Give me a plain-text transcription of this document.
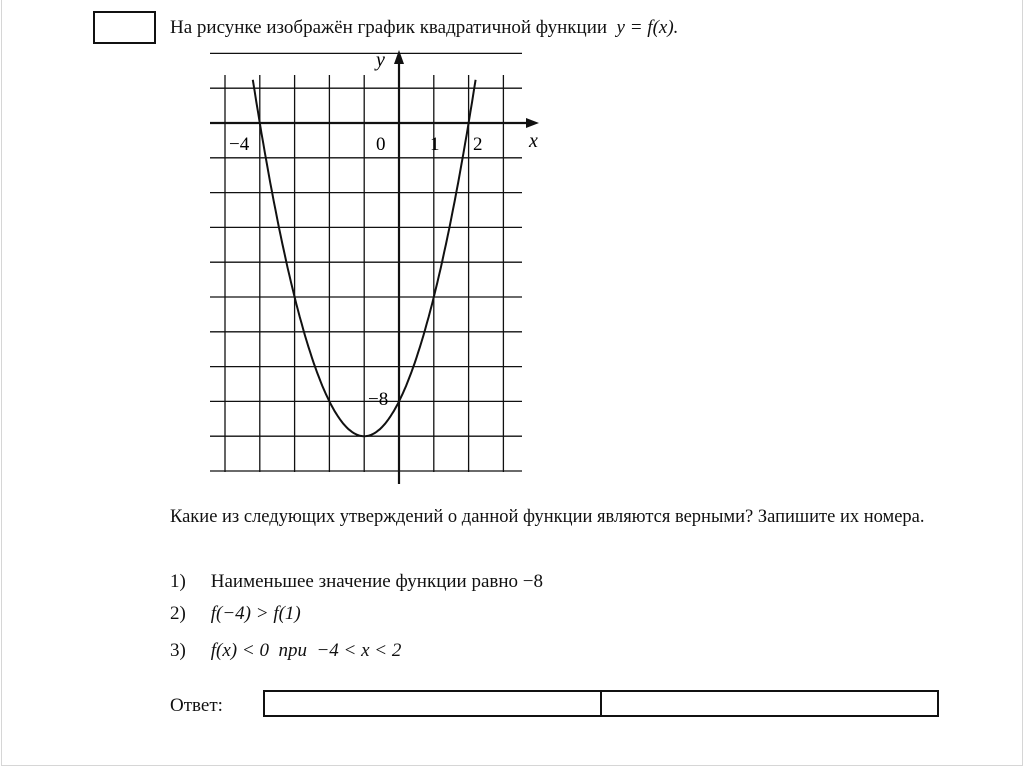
На рисунке изображён график квадратичной функции y = f(x).
y
x
−4	0 1 2
−8
Какие из следующих утверждений о данной функции являются верными? Запишите их номера.
1) Наименьшее значение функции равно −8
2) f(−4) > f(1)
3) f(x) < 0  при  −4 < x < 2
Ответ:
